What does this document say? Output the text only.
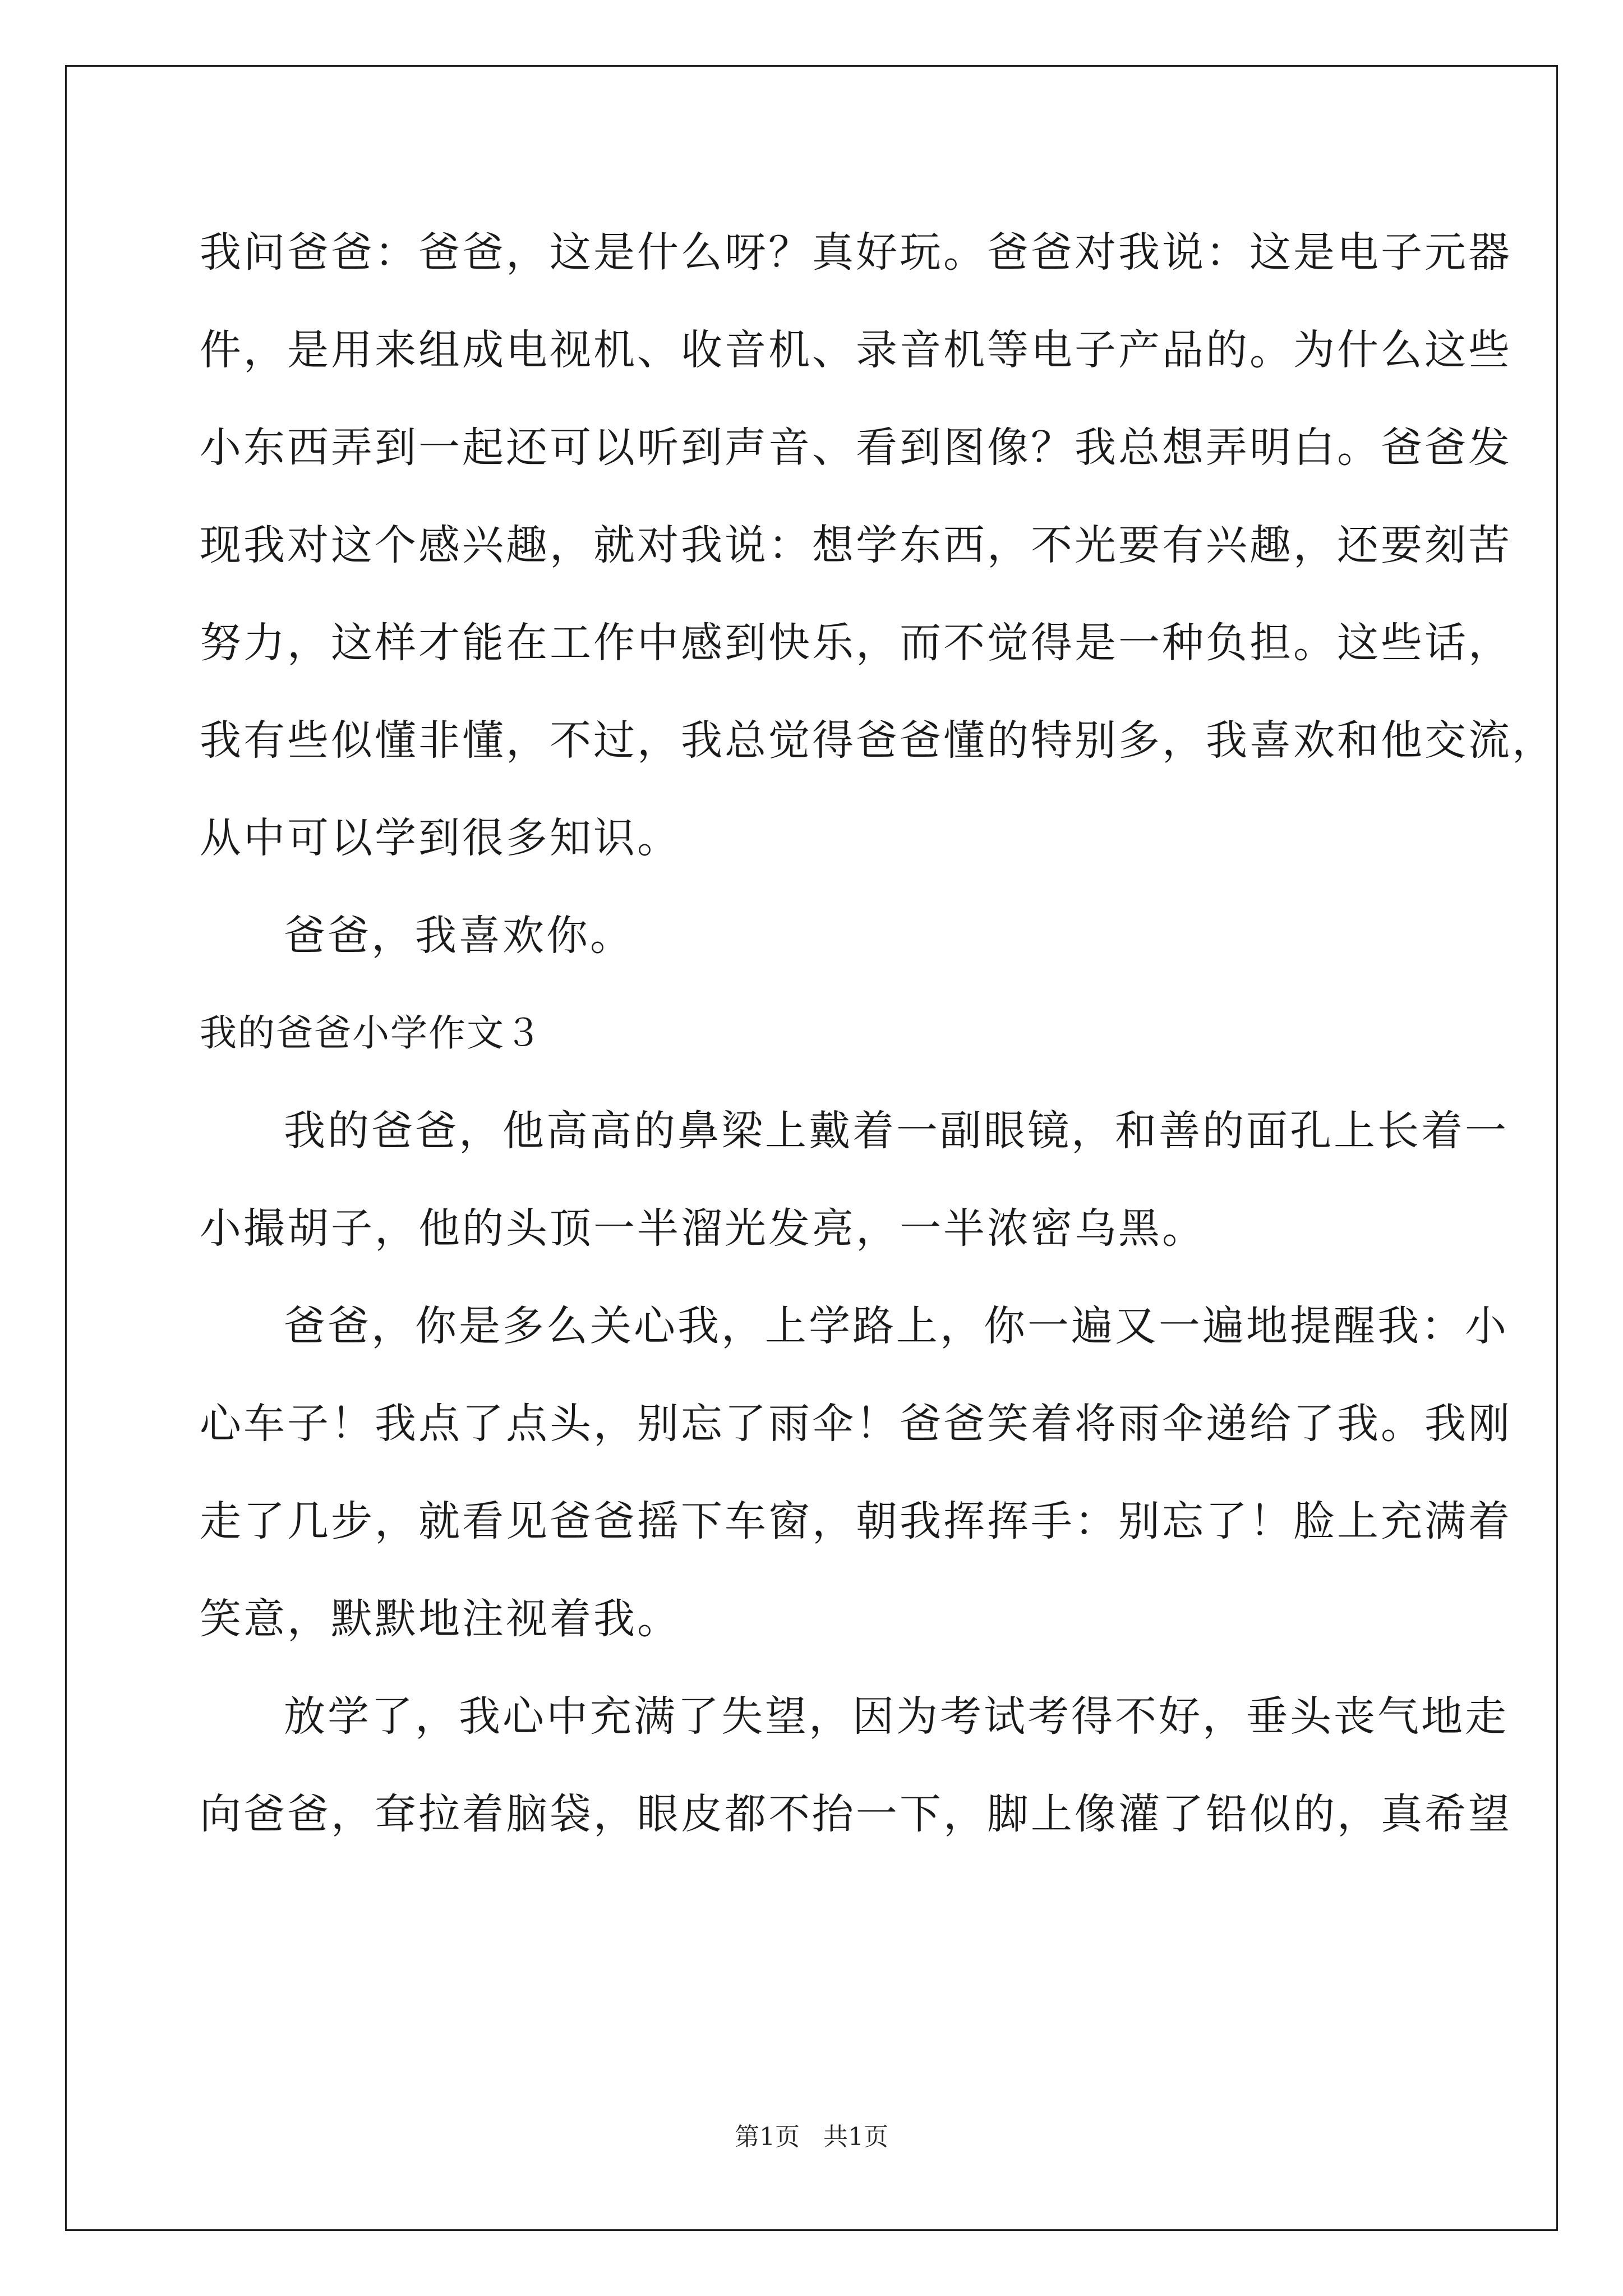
我问爸爸：爸爸，这是什么呀？真好玩。爸爸对我说：这是电子元器
件，是用来组成电视机、收音机、录音机等电子产品的。为什么这些
小东西弄到一起还可以听到声音、看到图像？我总想弄明白。爸爸发
现我对这个感兴趣，就对我说：想学东西，不光要有兴趣，还要刻苦
努力，这样才能在工作中感到快乐，而不觉得是一种负担。这些话，
我有些似懂非懂，不过，我总觉得爸爸懂的特别多，我喜欢和他交流，
从中可以学到很多知识。
爸爸，我喜欢你。
我的爸爸小学作文３
我的爸爸，他高高的鼻梁上戴着一副眼镜，和善的面孔上长着一
小撮胡子，他的头顶一半溜光发亮，一半浓密乌黑。
爸爸，你是多么关心我，上学路上，你一遍又一遍地提醒我：小
心车子！我点了点头，别忘了雨伞！爸爸笑着将雨伞递给了我。我刚
走了几步，就看见爸爸摇下车窗，朝我挥挥手：别忘了！脸上充满着
笑意，默默地注视着我。
放学了，我心中充满了失望，因为考试考得不好，垂头丧气地走
向爸爸，耷拉着脑袋，眼皮都不抬一下，脚上像灌了铅似的，真希望
第1页 共1页
